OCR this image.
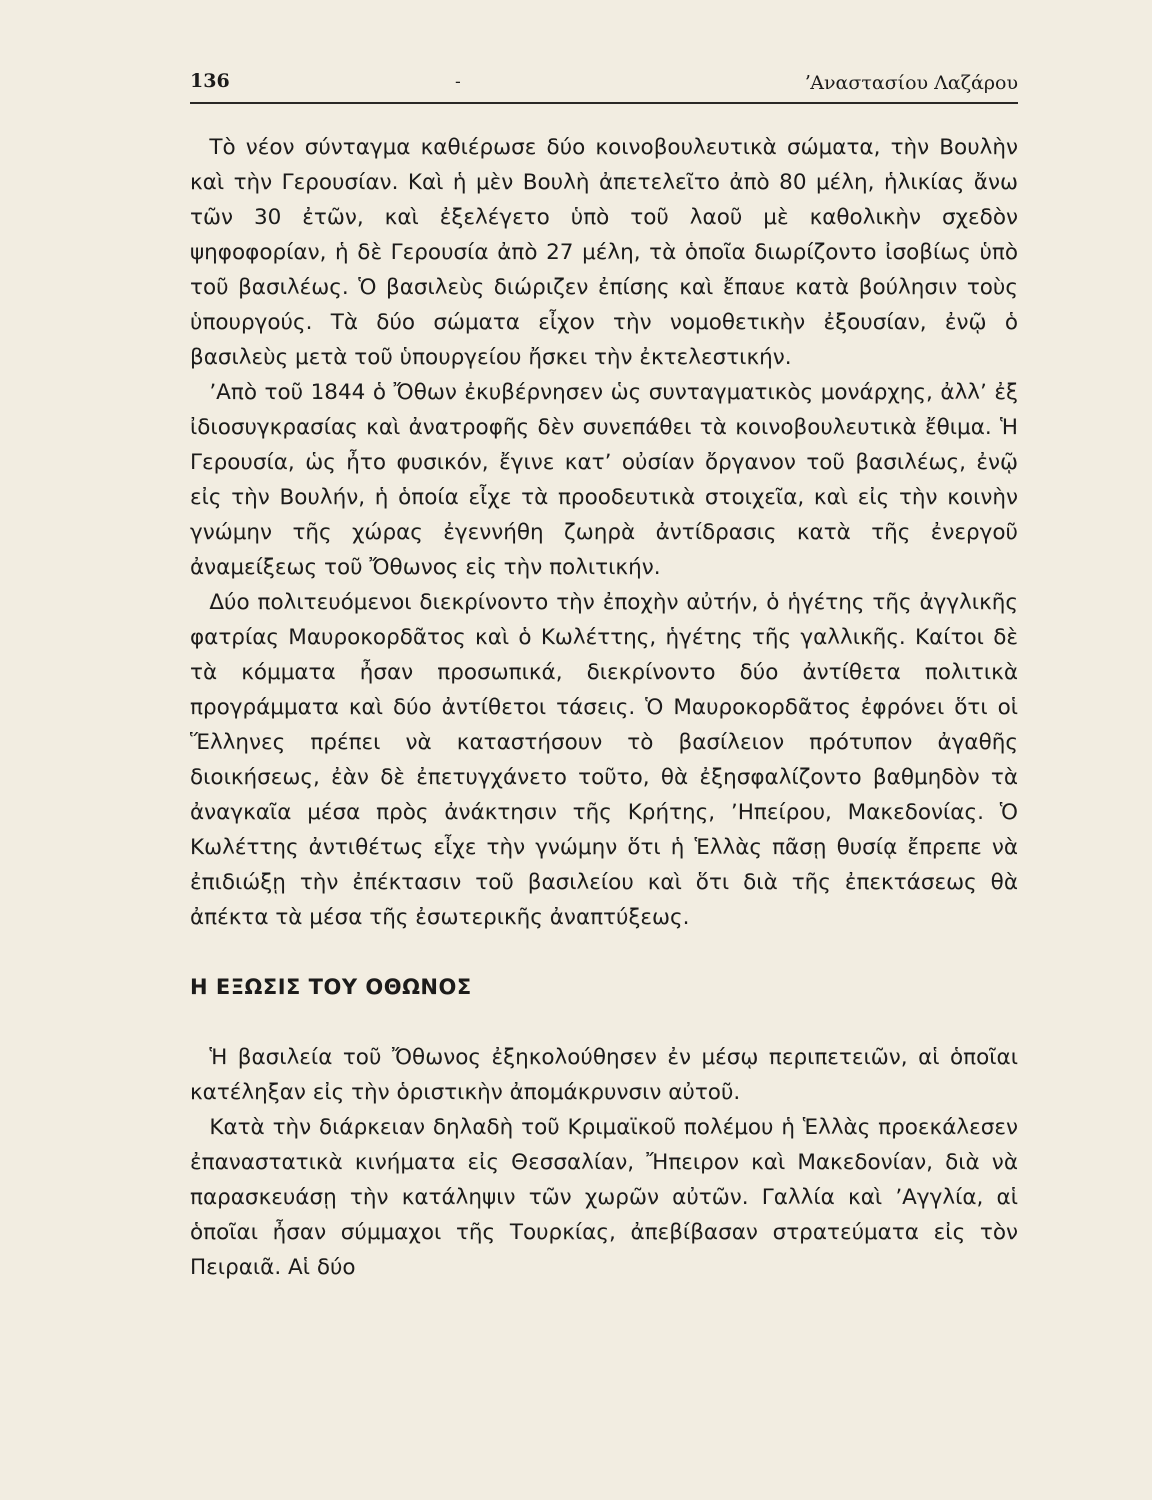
136	-	ʼΑναστασίου Λαζάρου

Τὸ νέον σύνταγμα καθιέρωσε δύο κοινοβουλευτικὰ σώματα, τὴν Βουλὴν καὶ τὴν Γερουσίαν. Καὶ ἡ μὲν Βουλὴ ἀπετελεῖτο ἀπὸ 80 μέλη, ἡλικίας ἄνω τῶν 30 ἐτῶν, καὶ ἐξελέγετο ὑπὸ τοῦ λαοῦ μὲ καθολικὴν σχεδὸν ψηφοφορίαν, ἡ δὲ Γερουσία ἀπὸ 27 μέλη, τὰ ὁποῖα διωρίζοντο ἰσοβίως ὑπὸ τοῦ βασιλέως. Ὁ βασιλεὺς διώριζεν ἐπίσης καὶ ἔπαυε κατὰ βούλησιν τοὺς ὑπουργούς. Τὰ δύο σώματα εἶχον τὴν νομοθετικὴν ἐξουσίαν, ἐνῷ ὁ βασιλεὺς μετὰ τοῦ ὑπουργείου ἤσκει τὴν ἐκτελεστικήν.

ʼΑπὸ τοῦ 1844 ὁ Ὄθων ἐκυβέρνησεν ὡς συνταγματικὸς μονάρχης, ἀλλʼ ἐξ ἰδιοσυγκρασίας καὶ ἀνατροφῆς δὲν συνεπάθει τὰ κοινοβουλευτικὰ ἔθιμα. Ἡ Γερουσία, ὡς ἦτο φυσικόν, ἔγινε κατʼ οὐσίαν ὄργανον τοῦ βασιλέως, ἐνῷ εἰς τὴν Βουλήν, ἡ ὁποία εἶχε τὰ προοδευτικὰ στοιχεῖα, καὶ εἰς τὴν κοινὴν γνώμην τῆς χώρας ἐγεννήθη ζωηρὰ ἀντίδρασις κατὰ τῆς ἐνεργοῦ ἀναμείξεως τοῦ Ὄθωνος εἰς τὴν πολιτικήν.

Δύο πολιτευόμενοι διεκρίνοντο τὴν ἐποχὴν αὐτήν, ὁ ἡγέτης τῆς ἀγγλικῆς φατρίας Μαυροκορδᾶτος καὶ ὁ Κωλέττης, ἡγέτης τῆς γαλλικῆς. Καίτοι δὲ τὰ κόμματα ἦσαν προσωπικά, διεκρίνοντο δύο ἀντίθετα πολιτικὰ προγράμματα καὶ δύο ἀντίθετοι τάσεις. Ὁ Μαυροκορδᾶτος ἐφρόνει ὅτι οἱ Ἕλληνες πρέπει νὰ καταστήσουν τὸ βασίλειον πρότυπον ἀγαθῆς διοικήσεως, ἐὰν δὲ ἐπετυγχάνετο τοῦτο, θὰ ἐξησφαλίζοντο βαθμηδὸν τὰ ἀναγκαῖα μέσα πρὸς ἀνάκτησιν τῆς Κρήτης, ʼΗπείρου, Μακεδονίας. Ὁ Κωλέττης ἀντιθέτως εἶχε τὴν γνώμην ὅτι ἡ Ἑλλὰς πᾶσῃ θυσίᾳ ἔπρεπε νὰ ἐπιδιώξῃ τὴν ἐπέκτασιν τοῦ βασιλείου καὶ ὅτι διὰ τῆς ἐπεκτάσεως θὰ ἀπέκτα τὰ μέσα τῆς ἐσωτερικῆς ἀναπτύξεως.

Η ΕΞΩΣΙΣ ΤΟΥ ΟΘΩΝΟΣ

Ἡ βασιλεία τοῦ Ὄθωνος ἐξηκολούθησεν ἐν μέσῳ περιπετειῶν, αἱ ὁποῖαι κατέληξαν εἰς τὴν ὁριστικὴν ἀπομάκρυνσιν αὐτοῦ.

Κατὰ τὴν διάρκειαν δηλαδὴ τοῦ Κριμαϊκοῦ πολέμου ἡ Ἑλλὰς προεκάλεσεν ἐπαναστατικὰ κινήματα εἰς Θεσσαλίαν, Ἤπειρον καὶ Μακεδονίαν, διὰ νὰ παρασκευάσῃ τὴν κατάληψιν τῶν χωρῶν αὐτῶν. Γαλλία καὶ ʼΑγγλία, αἱ ὁποῖαι ἦσαν σύμμαχοι τῆς Τουρκίας, ἀπεβίβασαν στρατεύματα εἰς τὸν Πειραιᾶ. Αἱ δύο
